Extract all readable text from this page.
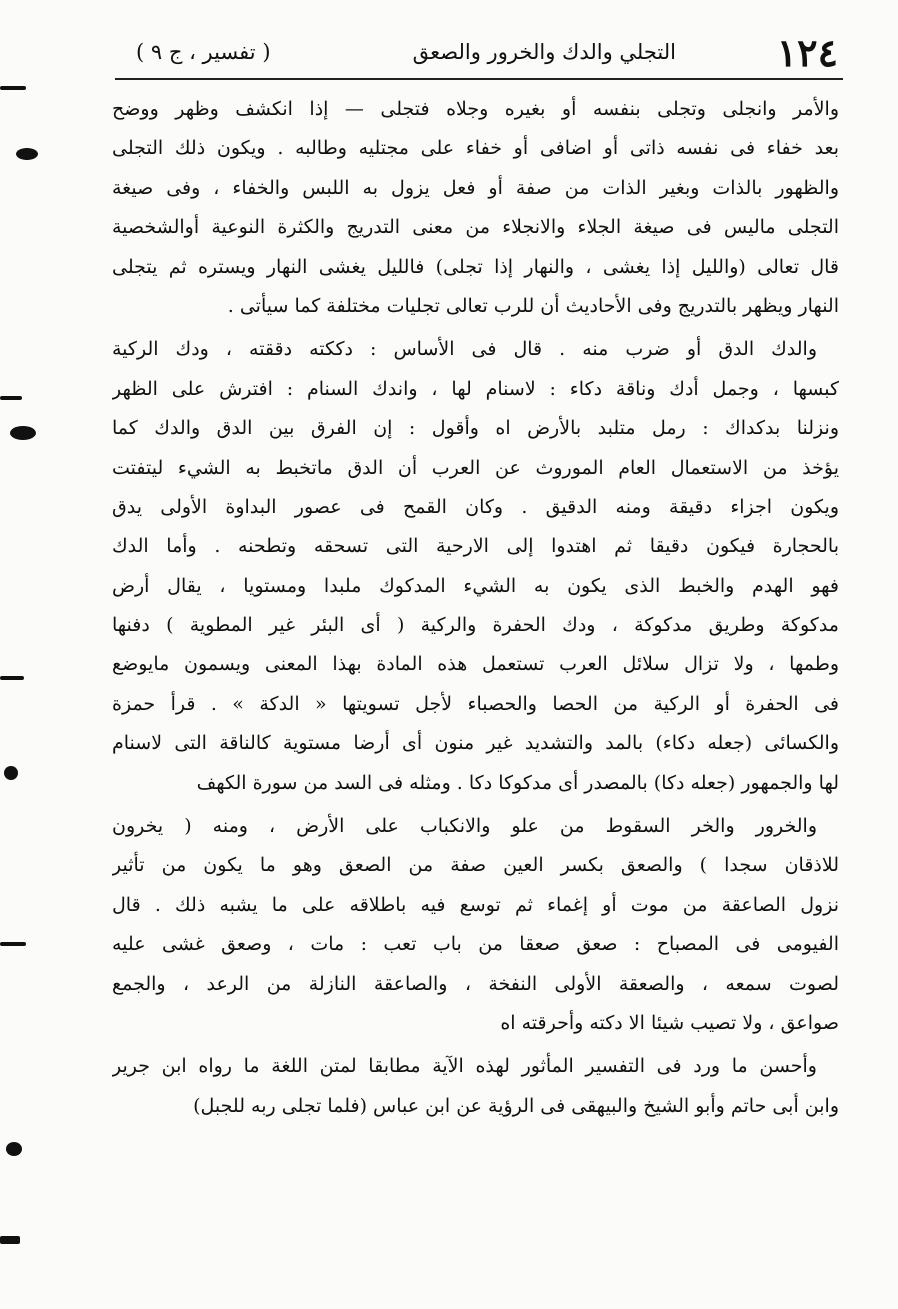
١٢٤
التجلي والدك والخرور والصعق
( تفسير ، ج ٩ )
والأمر وانجلى وتجلى بنفسه أو بغيره وجلاه فتجلى — إذا انكشف وظهر ووضح
بعد خفاء فى نفسه ذاتى أو اضافى أو خفاء على مجتليه وطالبه . ويكون ذلك التجلى
والظهور بالذات وبغير الذات من صفة أو فعل يزول به اللبس والخفاء ، وفى صيغة
التجلى ماليس فى صيغة الجلاء والانجلاء من معنى التدريج والكثرة النوعية أوالشخصية
قال تعالى (والليل إذا يغشى ، والنهار إذا تجلى) فالليل يغشى النهار ويستره ثم يتجلى
النهار ويظهر بالتدريج وفى الأحاديث أن للرب تعالى تجليات مختلفة كما سيأتى .
والدك الدق أو ضرب منه . قال فى الأساس : دككته دققته ، ودك الركية
كبسها ، وجمل أدك وناقة دكاء : لاسنام لها ، واندك السنام : افترش على الظهر
ونزلنا بدكداك : رمل متلبد بالأرض اه وأقول : إن الفرق بين الدق والدك كما
يؤخذ من الاستعمال العام الموروث عن العرب أن الدق ماتخبط به الشيء ليتفتت
ويكون اجزاء دقيقة ومنه الدقيق . وكان القمح فى عصور البداوة الأولى يدق
بالحجارة فيكون دقيقا ثم اهتدوا إلى الارحية التى تسحقه وتطحنه . وأما الدك
فهو الهدم والخبط الذى يكون به الشيء المدكوك ملبدا ومستويا ، يقال أرض
مدكوكة وطريق مدكوكة ، ودك الحفرة والركية ( أى البئر غير المطوية ) دفنها
وطمها ، ولا تزال سلائل العرب تستعمل هذه المادة بهذا المعنى ويسمون مايوضع
فى الحفرة أو الركية من الحصا والحصباء لأجل تسويتها « الدكة » . قرأ حمزة
والكسائى (جعله دكاء) بالمد والتشديد غير منون أى أرضا مستوية كالناقة التى لاسنام
لها والجمهور (جعله دكا) بالمصدر أى مدكوكا دكا . ومثله فى السد من سورة الكهف
والخرور والخر السقوط من علو والانكباب على الأرض ، ومنه ( يخرون
للاذقان سجدا ) والصعق بكسر العين صفة من الصعق وهو ما يكون من تأثير
نزول الصاعقة من موت أو إغماء ثم توسع فيه باطلاقه على ما يشبه ذلك . قال
الفيومى فى المصباح : صعق صعقا من باب تعب : مات ، وصعق غشى عليه
لصوت سمعه ، والصعقة الأولى النفخة ، والصاعقة النازلة من الرعد ، والجمع
صواعق ، ولا تصيب شيئا الا دكته وأحرقته اه
وأحسن ما ورد فى التفسير المأثور لهذه الآية مطابقا لمتن اللغة ما رواه ابن جرير
وابن أبى حاتم وأبو الشيخ والبيهقى فى الرؤية عن ابن عباس (فلما تجلى ربه للجبل)
